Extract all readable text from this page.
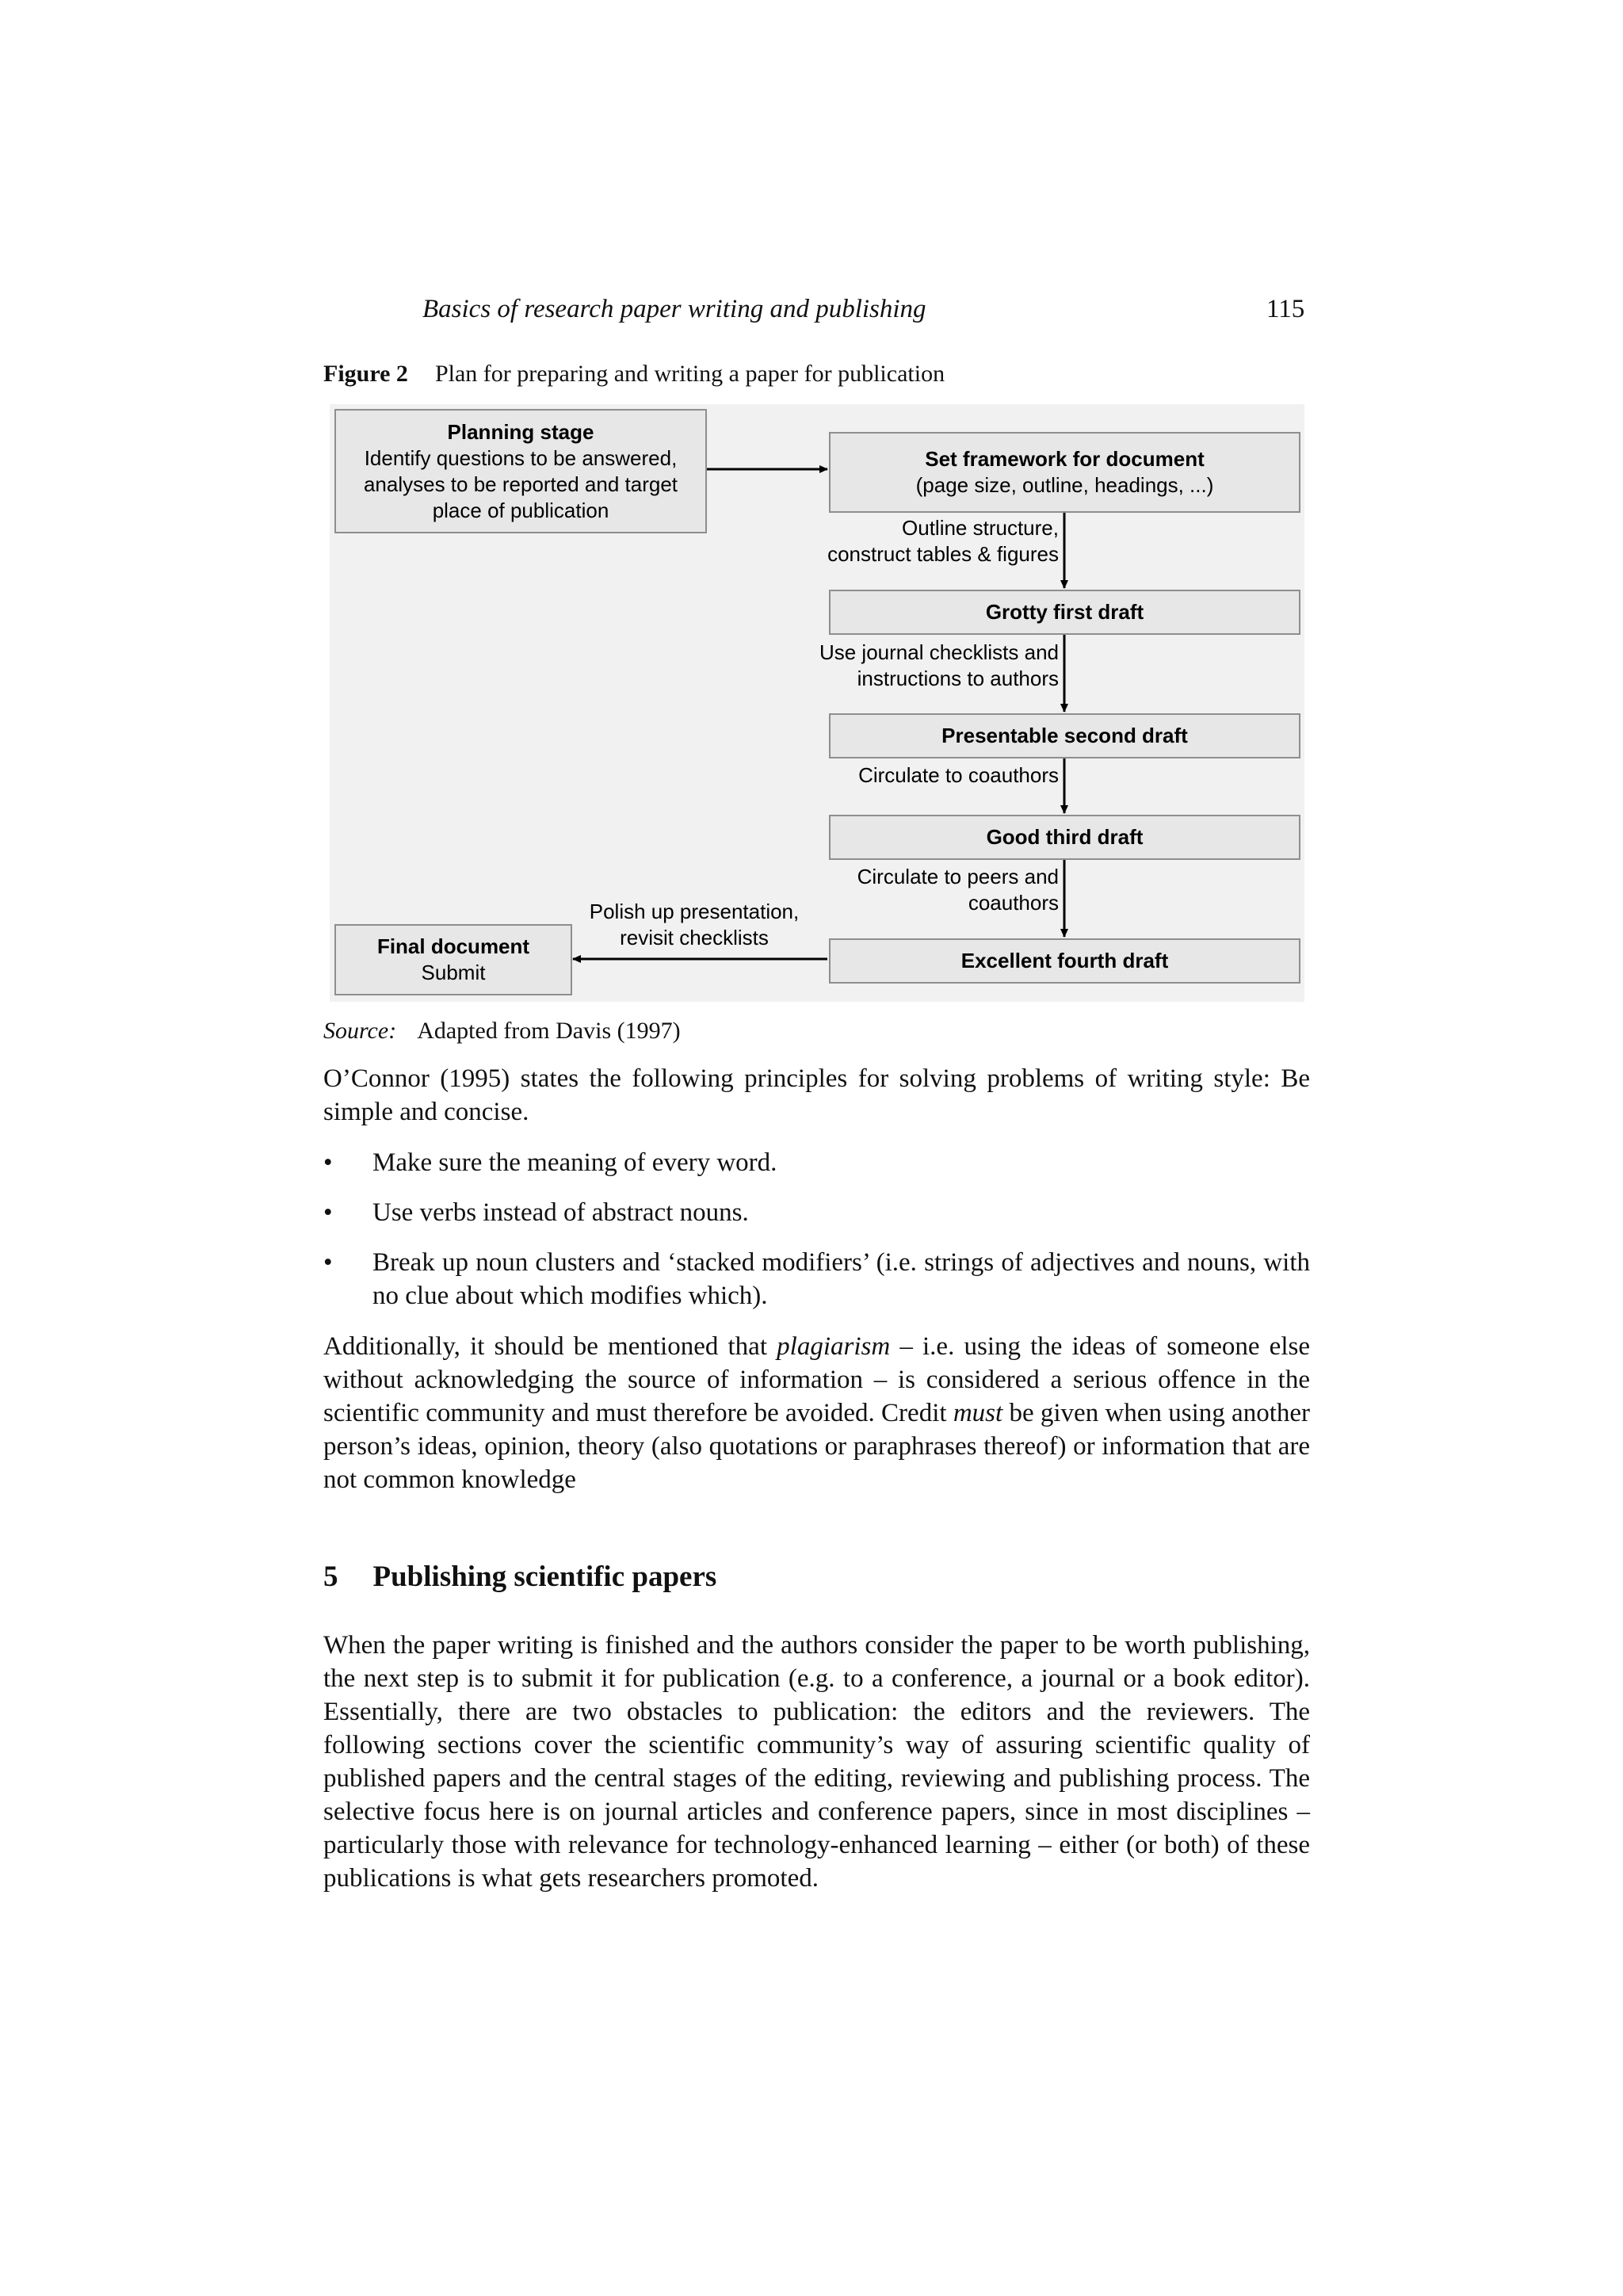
Basics of research paper writing and publishing	115
Figure 2 Plan for preparing and writing a paper for publication
Planning stage
Identify questions to be answered,
analyses to be reported and target
place of publication
Set framework for document
(page size, outline, headings, ...)
Outline structure,
construct tables & figures
Grotty first draft
Use journal checklists and
instructions to authors
Presentable second draft
Circulate to coauthors
Good third draft
Circulate to peers and
coauthors
Excellent fourth draft
Polish up presentation,
revisit checklists
Final document
Submit
Source: Adapted from Davis (1997)
O’Connor (1995) states the following principles for solving problems of writing style: Be simple and concise.
• Make sure the meaning of every word.
• Use verbs instead of abstract nouns.
• Break up noun clusters and ‘stacked modifiers’ (i.e. strings of adjectives and nouns, with no clue about which modifies which).
Additionally, it should be mentioned that plagiarism – i.e. using the ideas of someone else without acknowledging the source of information – is considered a serious offence in the scientific community and must therefore be avoided. Credit must be given when using another person’s ideas, opinion, theory (also quotations or paraphrases thereof) or information that are not common knowledge
5 Publishing scientific papers
When the paper writing is finished and the authors consider the paper to be worth publishing, the next step is to submit it for publication (e.g. to a conference, a journal or a book editor). Essentially, there are two obstacles to publication: the editors and the reviewers. The following sections cover the scientific community’s way of assuring scientific quality of published papers and the central stages of the editing, reviewing and publishing process. The selective focus here is on journal articles and conference papers, since in most disciplines – particularly those with relevance for technology-enhanced learning – either (or both) of these publications is what gets researchers promoted.
